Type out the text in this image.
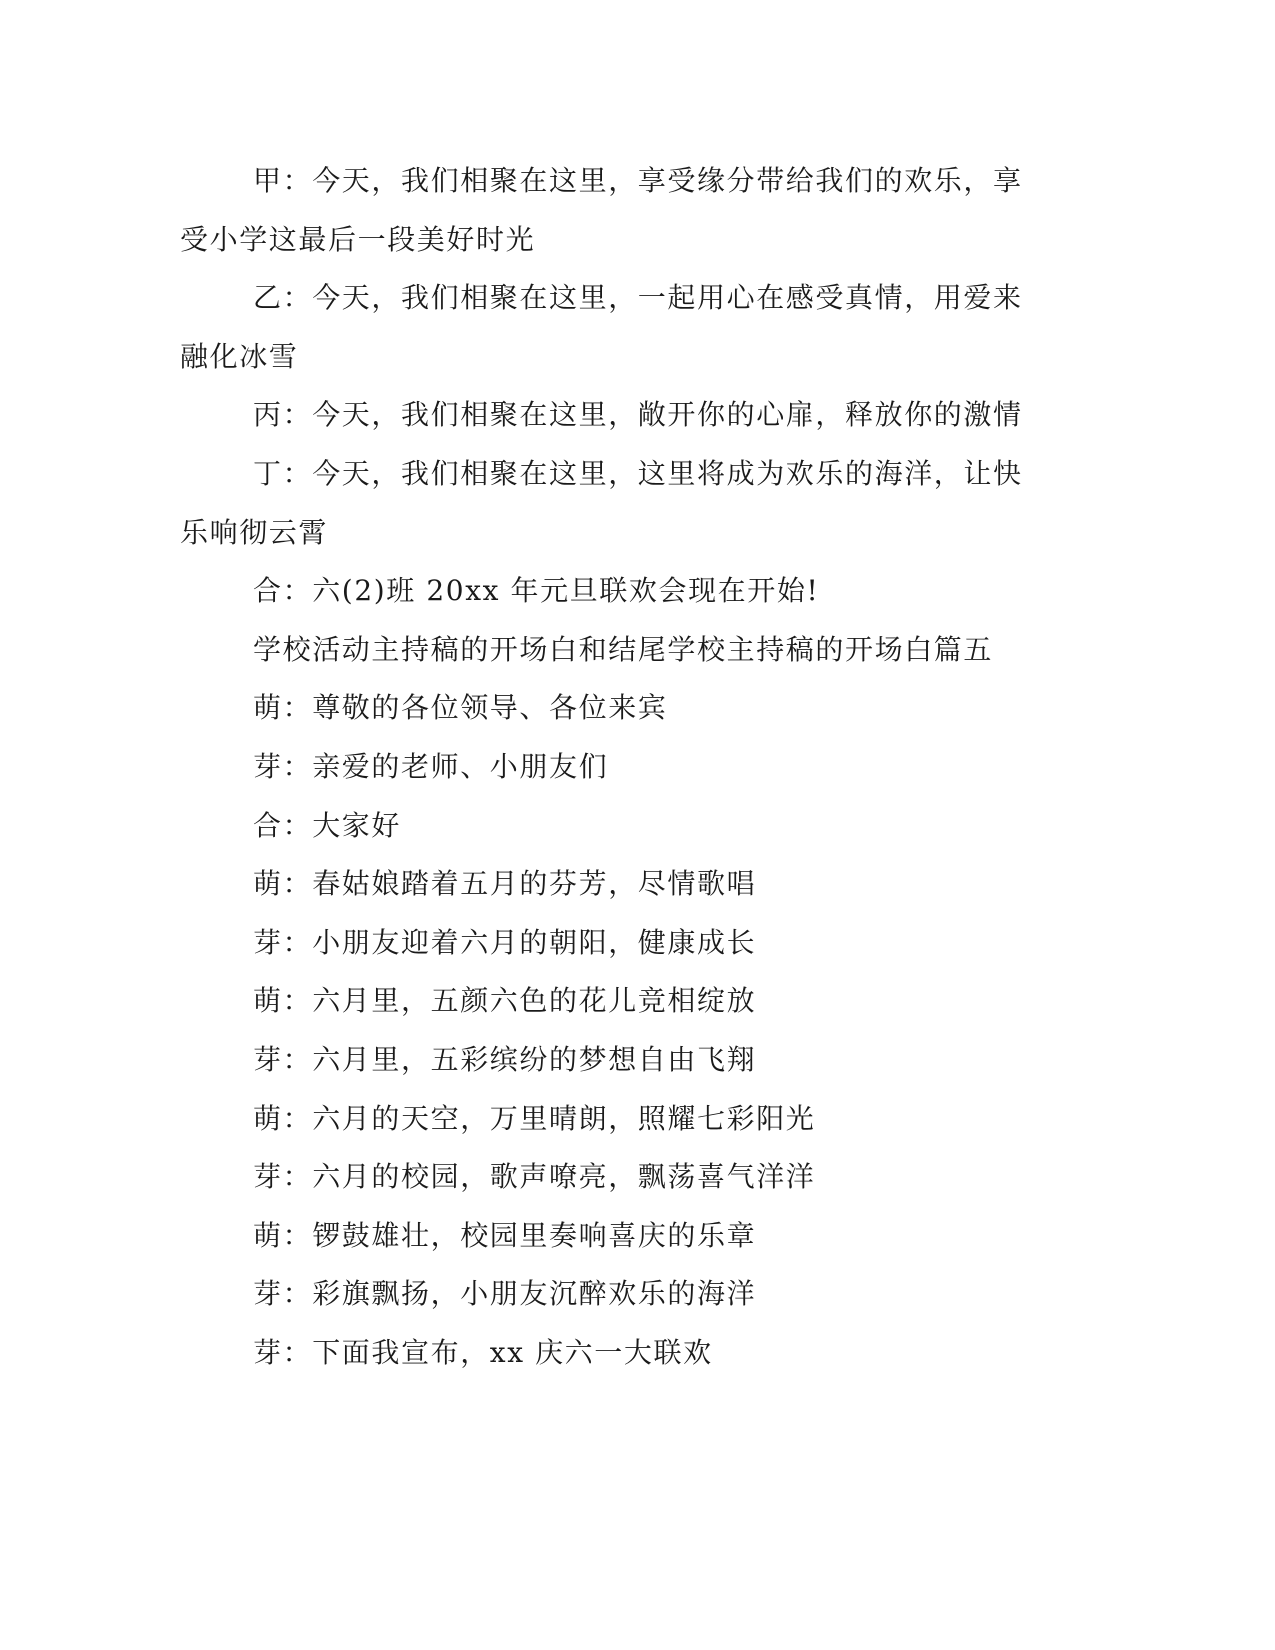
甲：今天，我们相聚在这里，享受缘分带给我们的欢乐，享受小学这最后一段美好时光

乙：今天，我们相聚在这里，一起用心在感受真情，用爱来融化冰雪

丙：今天，我们相聚在这里，敞开你的心扉，释放你的激情

丁：今天，我们相聚在这里，这里将成为欢乐的海洋，让快乐响彻云霄

合：六(2)班 20xx 年元旦联欢会现在开始!

学校活动主持稿的开场白和结尾学校主持稿的开场白篇五

萌：尊敬的各位领导、各位来宾

芽：亲爱的老师、小朋友们

合：大家好

萌：春姑娘踏着五月的芬芳，尽情歌唱

芽：小朋友迎着六月的朝阳，健康成长

萌：六月里，五颜六色的花儿竞相绽放

芽：六月里，五彩缤纷的梦想自由飞翔

萌：六月的天空，万里晴朗，照耀七彩阳光

芽：六月的校园，歌声嘹亮，飘荡喜气洋洋

萌：锣鼓雄壮，校园里奏响喜庆的乐章

芽：彩旗飘扬，小朋友沉醉欢乐的海洋

芽：下面我宣布，xx 庆六一大联欢
